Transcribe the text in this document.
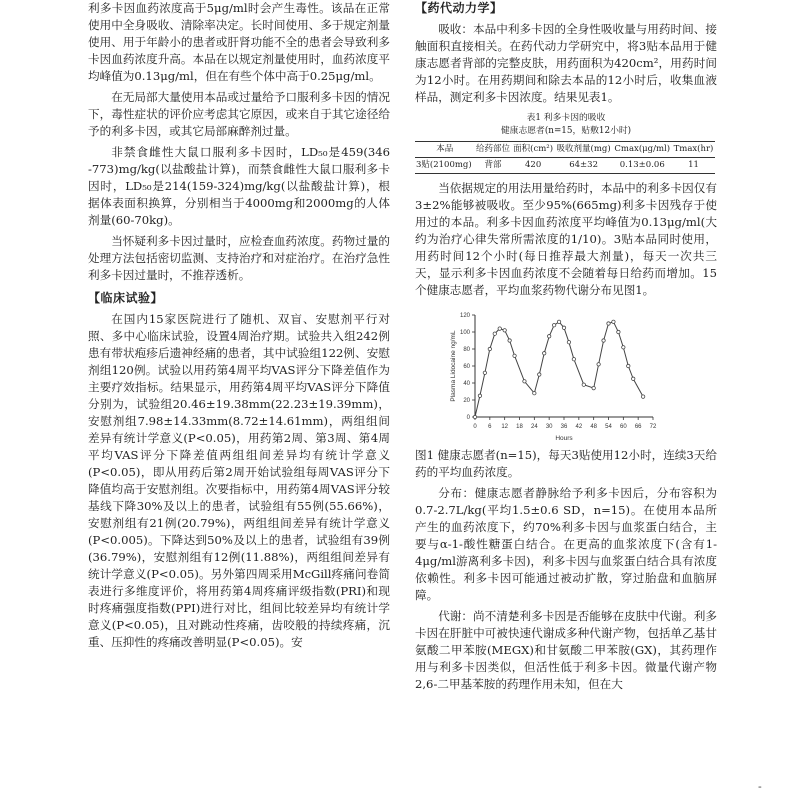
利多卡因血药浓度高于5μg/ml时会产生毒性。该品在正常使用中全身吸收、清除率决定。长时间使用、多于规定剂量使用、用于年龄小的患者或肝肾功能不全的患者会导致利多卡因血药浓度升高。本品在以规定剂量使用时，血药浓度平均峰值为0.13μg/ml，但在有些个体中高于0.25μg/ml。

在无局部大量使用本品或过量给予口服利多卡因的情况下，毒性症状的评价应考虑其它原因，或来自于其它途径给予的利多卡因，或其它局部麻醉剂过量。

非禁食雌性大鼠口服利多卡因时，LD₅₀是459(346 -773)mg/kg(以盐酸盐计算)，而禁食雌性大鼠口服利多卡因时，LD₅₀是214(159-324)mg/kg(以盐酸盐计算)，根据体表面积换算，分别相当于4000mg和2000mg的人体剂量(60-70kg)。

当怀疑利多卡因过量时，应检查血药浓度。药物过量的处理方法包括密切监测、支持治疗和对症治疗。在治疗急性利多卡因过量时，不推荐透析。

【临床试验】

在国内15家医院进行了随机、双盲、安慰剂平行对照、多中心临床试验，设置4周治疗期。试验共入组242例患有带状疱疹后遗神经痛的患者，其中试验组122例、安慰剂组120例。试验以用药第4周平均VAS评分下降差值作为主要疗效指标。结果显示，用药第4周平均VAS评分下降值分别为，试验组20.46±19.38mm(22.23±19.39mm)，安慰剂组7.98±14.33mm(8.72±14.61mm)，两组组间差异有统计学意义(P<0.05)，用药第2周、第3周、第4周平均VAS评分下降差值两组组间差异均有统计学意义(P<0.05)，即从用药后第2周开始试验组每周VAS评分下降值均高于安慰剂组。次要指标中，用药第4周VAS评分较基线下降30%及以上的患者，试验组有55例(55.66%)，安慰剂组有21例(20.79%)，两组组间差异有统计学意义(P<0.005)。下降达到50%及以上的患者，试验组有39例(36.79%)，安慰剂组有12例(11.88%)，两组组间差异有统计学意义(P<0.05)。另外第四周采用McGill疼痛问卷简表进行多维度评价，将用药第4周疼痛评级指数(PRI)和现时疼痛强度指数(PPI)进行对比，组间比较差异均有统计学意义(P<0.05)，且对跳动性疼痛，齿咬般的持续疼痛，沉重、压抑性的疼痛改善明显(P<0.05)。安

【药代动力学】

吸收：本品中利多卡因的全身性吸收量与用药时间、接触面积直接相关。在药代动力学研究中，将3贴本品用于健康志愿者背部的完整皮肤，用药面积为420cm²，用药时间为12小时。在用药期间和除去本品的12小时后，收集血液样品，测定利多卡因浓度。结果见表1。

表1 利多卡因的吸收
健康志愿者(n=15，贴敷12小时)
本品	给药部位	面积(cm²)	吸收剂量(mg)	Cmax(μg/ml)	Tmax(hr)
3贴(2100mg)	背部	420	64±32	0.13±0.06	11

当依据规定的用法用量给药时，本品中的利多卡因仅有3±2%能够被吸收。至少95%(665mg)利多卡因残存于使用过的本品。利多卡因血药浓度平均峰值为0.13μg/ml(大约为治疗心律失常所需浓度的1/10)。3贴本品同时使用，用药时间12个小时(每日推荐最大剂量)，每天一次共三天，显示利多卡因血药浓度不会随着每日给药而增加。15个健康志愿者，平均血浆药物代谢分布见图1。

0 6 12 18 24 30 36 42 48 54 60 66 72
0
20
40
60
80
100
120
Hours
Plasma Lidocaine ng/mL

图1 健康志愿者(n=15)，每天3贴使用12小时，连续3天给药的平均血药浓度。

分布：健康志愿者静脉给予利多卡因后，分布容积为0.7-2.7L/kg(平均1.5±0.6 SD，n=15)。在使用本品所产生的血药浓度下，约70%利多卡因与血浆蛋白结合，主要与α-1-酸性糖蛋白结合。在更高的血浆浓度下(含有1-4μg/ml游离利多卡因)，利多卡因与血浆蛋白结合具有浓度依赖性。利多卡因可能通过被动扩散，穿过胎盘和血脑屏障。

代谢：尚不清楚利多卡因是否能够在皮肤中代谢。利多卡因在肝脏中可被快速代谢成多种代谢产物，包括单乙基甘氨酸二甲苯胺(MEGX)和甘氨酸二甲苯胺(GX)，其药理作用与利多卡因类似，但活性低于利多卡因。微量代谢产物2,6-二甲基苯胺的药理作用未知，但在大

-
